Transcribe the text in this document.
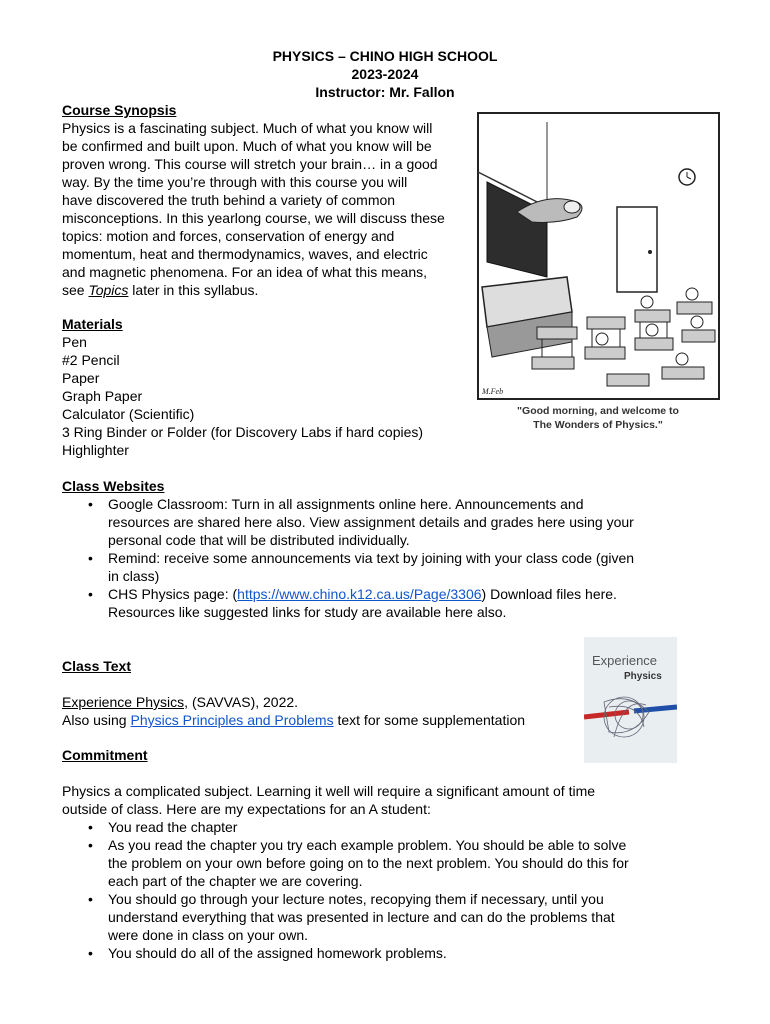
PHYSICS – CHINO HIGH SCHOOL
2023-2024
Instructor: Mr. Fallon
Course Synopsis
Physics is a fascinating subject. Much of what you know will
be confirmed and built upon. Much of what you know will be
proven wrong. This course will stretch your brain… in a good
way. By the time you’re through with this course you will
have discovered the truth behind a variety of common
misconceptions. In this yearlong course, we will discuss these
topics: motion and forces, conservation of energy and
momentum, heat and thermodynamics, waves, and electric
and magnetic phenomena. For an idea of what this means,
see Topics later in this syllabus.
M.Feb
"Good morning, and welcome to
The Wonders of Physics."
Materials
Pen
#2 Pencil
Paper
Graph Paper
Calculator (Scientific)
3 Ring Binder or Folder (for Discovery Labs if hard copies)
Highlighter
Class Websites
• Google Classroom: Turn in all assignments online here. Announcements and
resources are shared here also. View assignment details and grades here using your
personal code that will be distributed individually.
• Remind: receive some announcements via text by joining with your class code (given
in class)
• CHS Physics page: (https://www.chino.k12.ca.us/Page/3306) Download files here.
Resources like suggested links for study are available here also.
Class Text
Experience Physics, (SAVVAS), 2022.
Also using Physics Principles and Problems text for some supplementation
Experience
Physics
Commitment
Physics a complicated subject. Learning it well will require a significant amount of time
outside of class. Here are my expectations for an A student:
• You read the chapter
• As you read the chapter you try each example problem. You should be able to solve
the problem on your own before going on to the next problem. You should do this for
each part of the chapter we are covering.
• You should go through your lecture notes, recopying them if necessary, until you
understand everything that was presented in lecture and can do the problems that
were done in class on your own.
• You should do all of the assigned homework problems.
